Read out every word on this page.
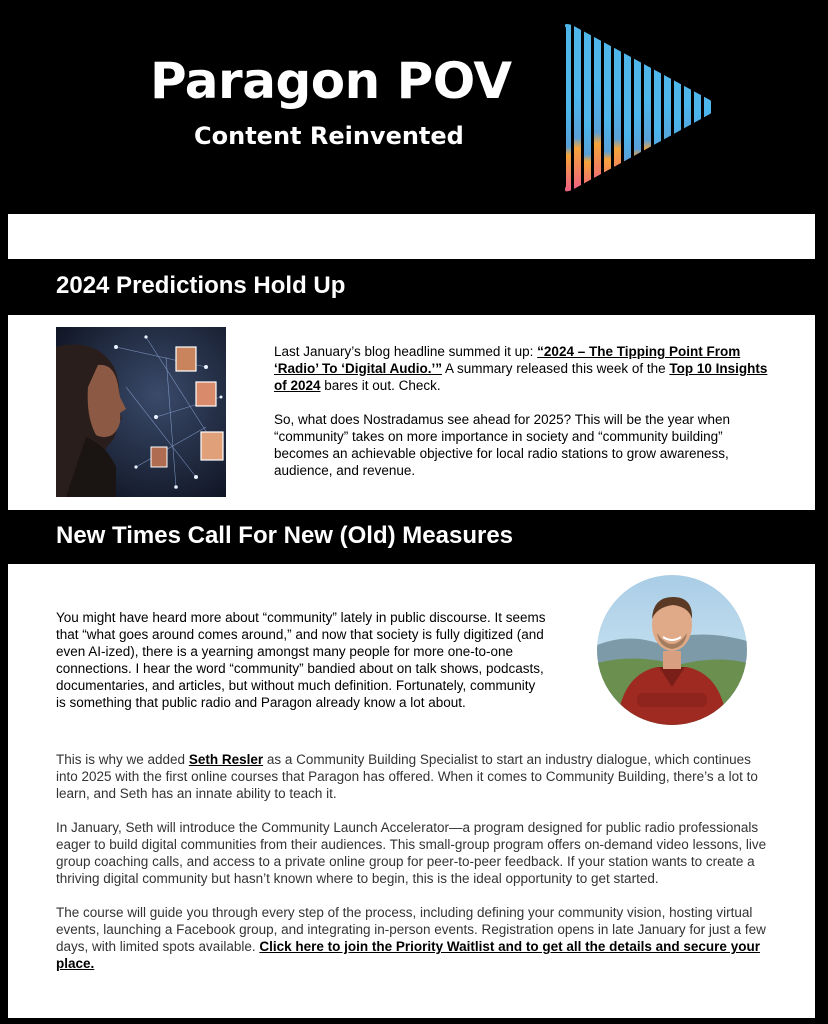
Paragon POV
Content Reinvented
2024 Predictions Hold Up

Last January’s blog headline summed it up: “2024 – The Tipping Point From ‘Radio’ To ‘Digital Audio.’” A summary released this week of the Top 10 Insights of 2024 bares it out. Check.

So, what does Nostradamus see ahead for 2025? This will be the year when “community” takes on more importance in society and “community building” becomes an achievable objective for local radio stations to grow awareness, audience, and revenue.

New Times Call For New (Old) Measures
You might have heard more about “community” lately in public discourse. It seems that “what goes around comes around,” and now that society is fully digitized (and even AI-ized), there is a yearning amongst many people for more one-to-one connections. I hear the word “community” bandied about on talk shows, podcasts, documentaries, and articles, but without much definition. Fortunately, community is something that public radio and Paragon already know a lot about.

This is why we added Seth Resler as a Community Building Specialist to start an industry dialogue, which continues into 2025 with the first online courses that Paragon has offered. When it comes to Community Building, there’s a lot to learn, and Seth has an innate ability to teach it.

In January, Seth will introduce the Community Launch Accelerator—a program designed for public radio professionals eager to build digital communities from their audiences. This small-group program offers on-demand video lessons, live group coaching calls, and access to a private online group for peer-to-peer feedback. If your station wants to create a thriving digital community but hasn’t known where to begin, this is the ideal opportunity to get started.

The course will guide you through every step of the process, including defining your community vision, hosting virtual events, launching a Facebook group, and integrating in-person events. Registration opens in late January for just a few days, with limited spots available. Click here to join the Priority Waitlist and to get all the details and secure your place.
